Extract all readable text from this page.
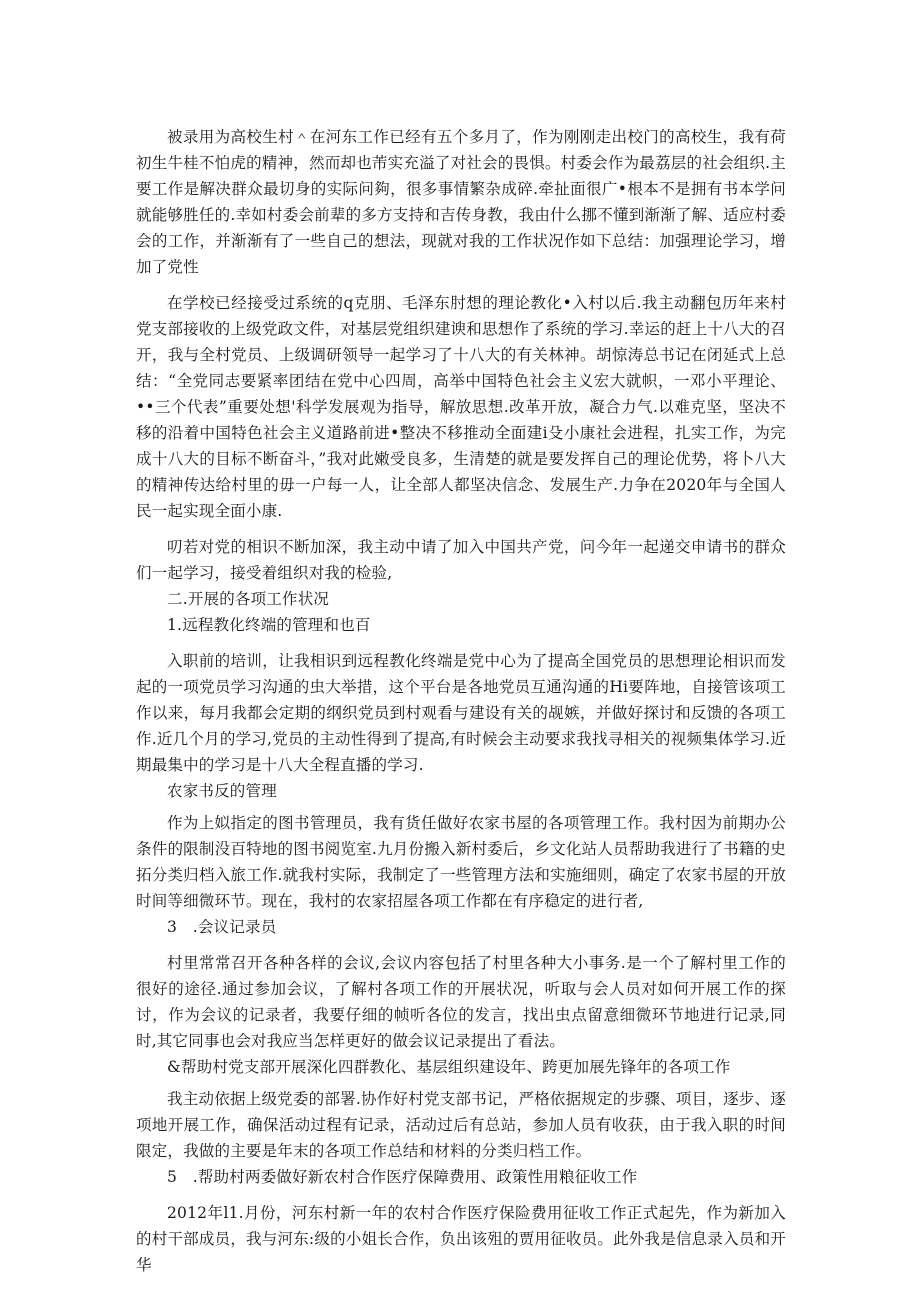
被录用为高校生村＾在河东工作已经有五个多月了，作为刚刚走出校门的高校生，我有荷初生牛桂不怕虎的精神，然而却也芾实充溢了对社会的畏惧。村委会作为最荔层的社会组织.主要工作是解决群众最切身的实际问夠，很多事情繁杂成碎.牵扯面很广•根本不是拥有书本学问就能够胜任的.幸如村委会前辈的多方支持和吉传身教，我由什么挪不懂到渐渐了解、适应村委会的工作，并渐渐有了一些自己的想法，现就对我的工作状况作如下总结：加强理论学习，增加了党性

在学校已经接受过系统的q克朋、毛泽东肘想的理论教化•入村以后.我主动翻包历年来村党支部接收的上级党政文件，对基层党组织建谀和思想作了系统的学习.幸运的赶上十八大的召开，我与全村党员、上级调研领导一起学习了十八大的有关林神。胡惊涛总书记在闭延式上总结：“全党同志要紧率团结在党中心四周，高举中国特色社会主义宏大就帜，一邓小平理论、••三个代表”重要处想'科学发展观为指导，解放思想.改革开放，凝合力气.以难克坚，坚决不移的沿着中国特色社会主义道路前进•整决不移推动全面建i殳小康社会进程，扎实工作，为完成十八大的目标不断奋斗，”我对此嫩受良多，生清楚的就是要发挥自己的理论优势，将卜八大的精神传达给村里的毋一户每一人，让全部人都坚决信念、发展生产.力争在2020年与全国人民一起实现全面小康.

叨若对党的相识不断加深，我主动中请了加入中国共产党，问今年一起递交申请书的群众们一起学习，接受着组织对我的检验,

二.开展的各项工作状况

1.远程教化终端的管理和也百

入职前的培训，让我相识到远程教化终端是党中心为了提高全国党员的思想理论相识而发起的一项党员学习沟通的虫大举措，这个平台是各地党员互通沟通的Hi要阵地，自接管该项工作以来，每月我都会定期的纲织党员到村观看与建设有关的觇嫉，并做好探讨和反馈的各项工作.近几个月的学习,党员的主动性得到了提高,有时候会主动要求我找寻相关的视频集体学习.近期最集中的学习是十八大全程直播的学习.

农家书反的管理

作为上姒指定的图书管理员，我有货任做好农家书屋的各项管理工作。我村因为前期办公条件的限制没百特地的图书阅览室.九月份搬入新村委后，乡文化站人员帮助我进行了书籍的史拓分类归档入旅工作.就我村实际，我制定了一些管理方法和实施细则，确定了农家书屋的开放时间等细微环节。现在，我村的农家招屋各项工作都在有序稳定的进行者,

3　.会议记录员

村里常常召开各种各样的会议,会议内容包括了村里各种大小事务.是一个了解村里工作的很好的途径.通过参加会议，了解村各项工作的开展状况，听取与会人员对如何开展工作的探讨，作为会议的记录者，我要仔细的帧听各位的发言，找出虫点留意细微环节地进行记录,同时,其它同事也会对我应当怎样更好的做会议记录提出了看法。

&帮助村党支部开展深化四群教化、基层组织建设年、跨更加展先锋年的各项工作

我主动依据上级党委的部署.协作好村党支部书记，严格依据规定的步骤、项目，逐步、逐项地开展工作，确保活动过程有记录，活动过后有总站，参加人员有收获，由于我入职的时间限定，我做的主要是年末的各项工作总结和材料的分类归档工作。

5　.帮助村两委做好新农村合作医疗保障费用、政策性用粮征收工作

2012年l1.月份，河东村新一年的农村合作医疗保险费用征收工作正式起先，作为新加入的村干部成员，我与河东:级的小姐长合作，负出该殂的贾用征收员。此外我是信息录入员和开华
